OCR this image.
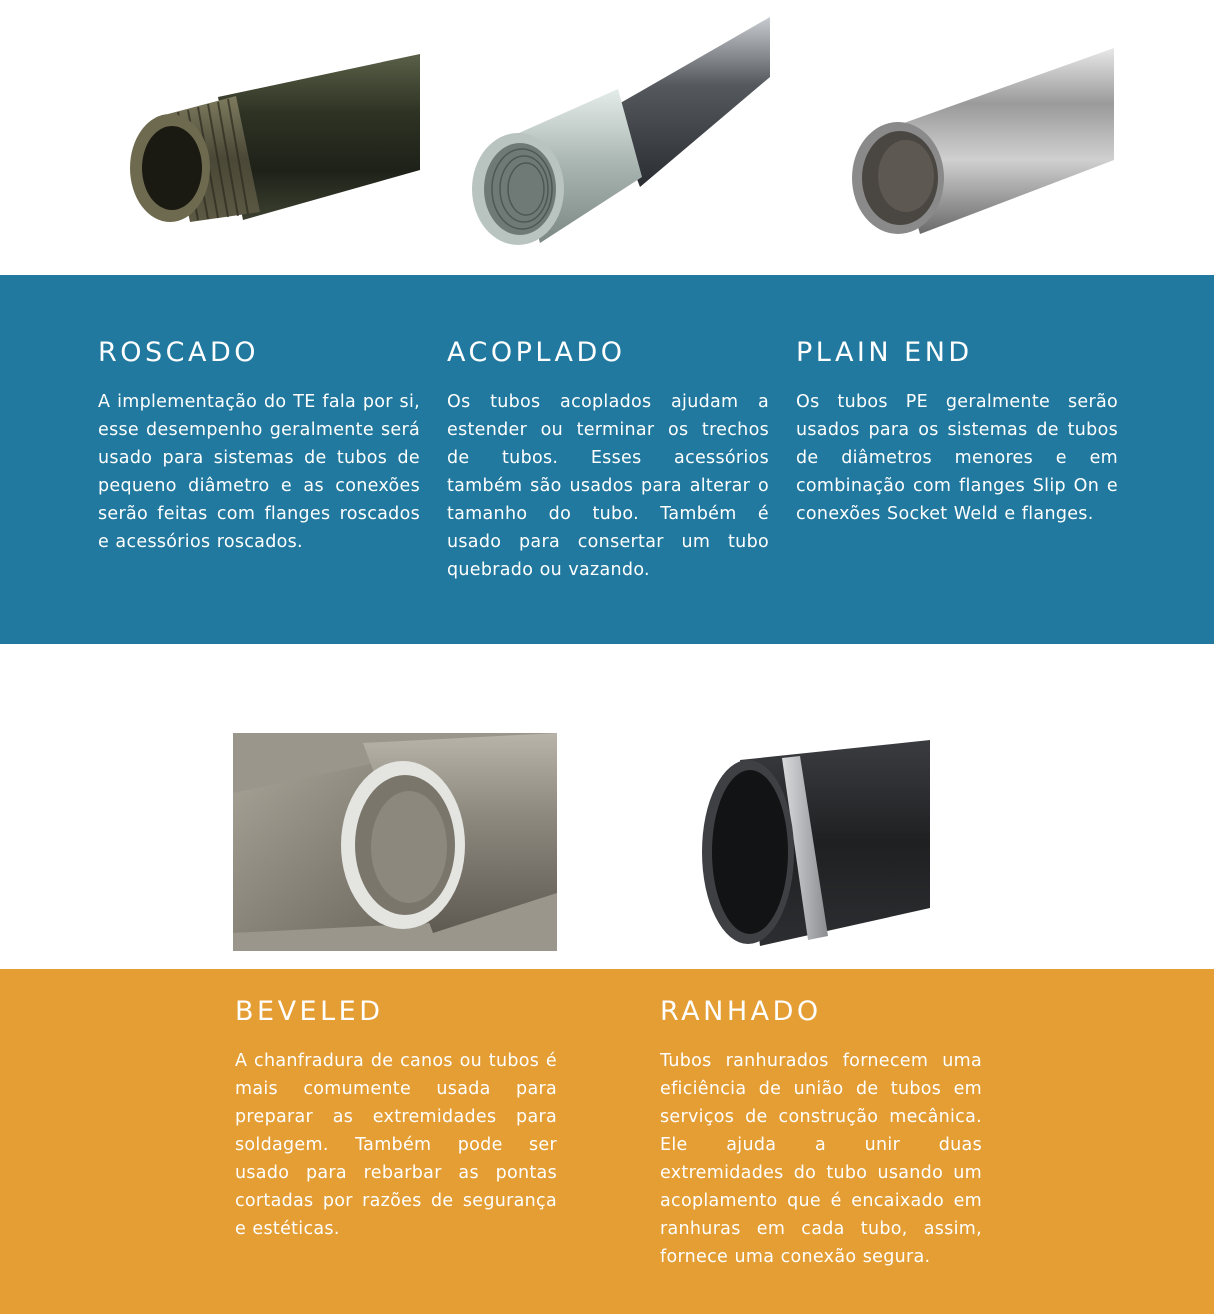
ROSCADO

A implementação do TE fala por si, esse desempenho geralmente será usado para sistemas de tubos de pequeno diâmetro e as conexões serão feitas com flanges roscados e acessórios roscados.

ACOPLADO

Os tubos acoplados ajudam a estender ou terminar os trechos de tubos. Esses acessórios também são usados para alterar o tamanho do tubo. Também é usado para consertar um tubo quebrado ou vazando.

PLAIN END

Os tubos PE geralmente serão usados para os sistemas de tubos de diâmetros menores e em combinação com flanges Slip On e conexões Socket Weld e flanges.

BEVELED

A chanfradura de canos ou tubos é mais comumente usada para preparar as extremidades para soldagem. Também pode ser usado para rebarbar as pontas cortadas por razões de segurança e estéticas.

RANHADO

Tubos ranhurados fornecem uma eficiência de união de tubos em serviços de construção mecânica. Ele ajuda a unir duas extremidades do tubo usando um acoplamento que é encaixado em ranhuras em cada tubo, assim, fornece uma conexão segura.
